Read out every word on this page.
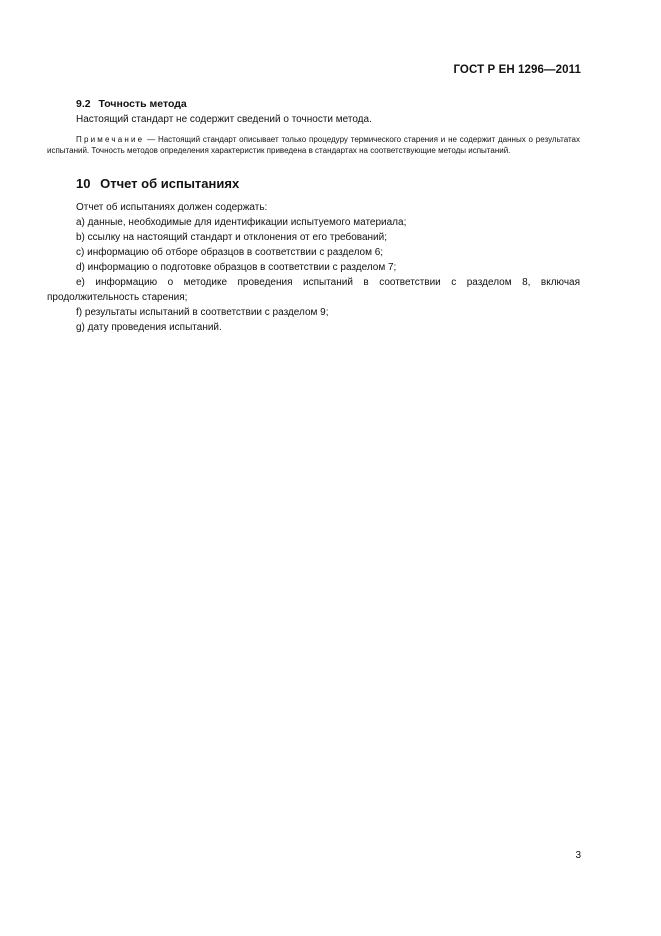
ГОСТ Р ЕН 1296—2011
9.2 Точность метода

Настоящий стандарт не содержит сведений о точности метода.

Примечание — Настоящий стандарт описывает только процедуру термического старения и не содержит данных о результатах испытаний. Точность методов определения характеристик приведена в стандартах на соответствующие методы испытаний.
10 Отчет об испытаниях

Отчет об испытаниях должен содержать:

a) данные, необходимые для идентификации испытуемого материала;

b) ссылку на настоящий стандарт и отклонения от его требований;

c) информацию об отборе образцов в соответствии с разделом 6;

d) информацию о подготовке образцов в соответствии с разделом 7;

e) информацию о методике проведения испытаний в соответствии с разделом 8, включая продолжительность старения;

f) результаты испытаний в соответствии с разделом 9;

g) дату проведения испытаний.

3
